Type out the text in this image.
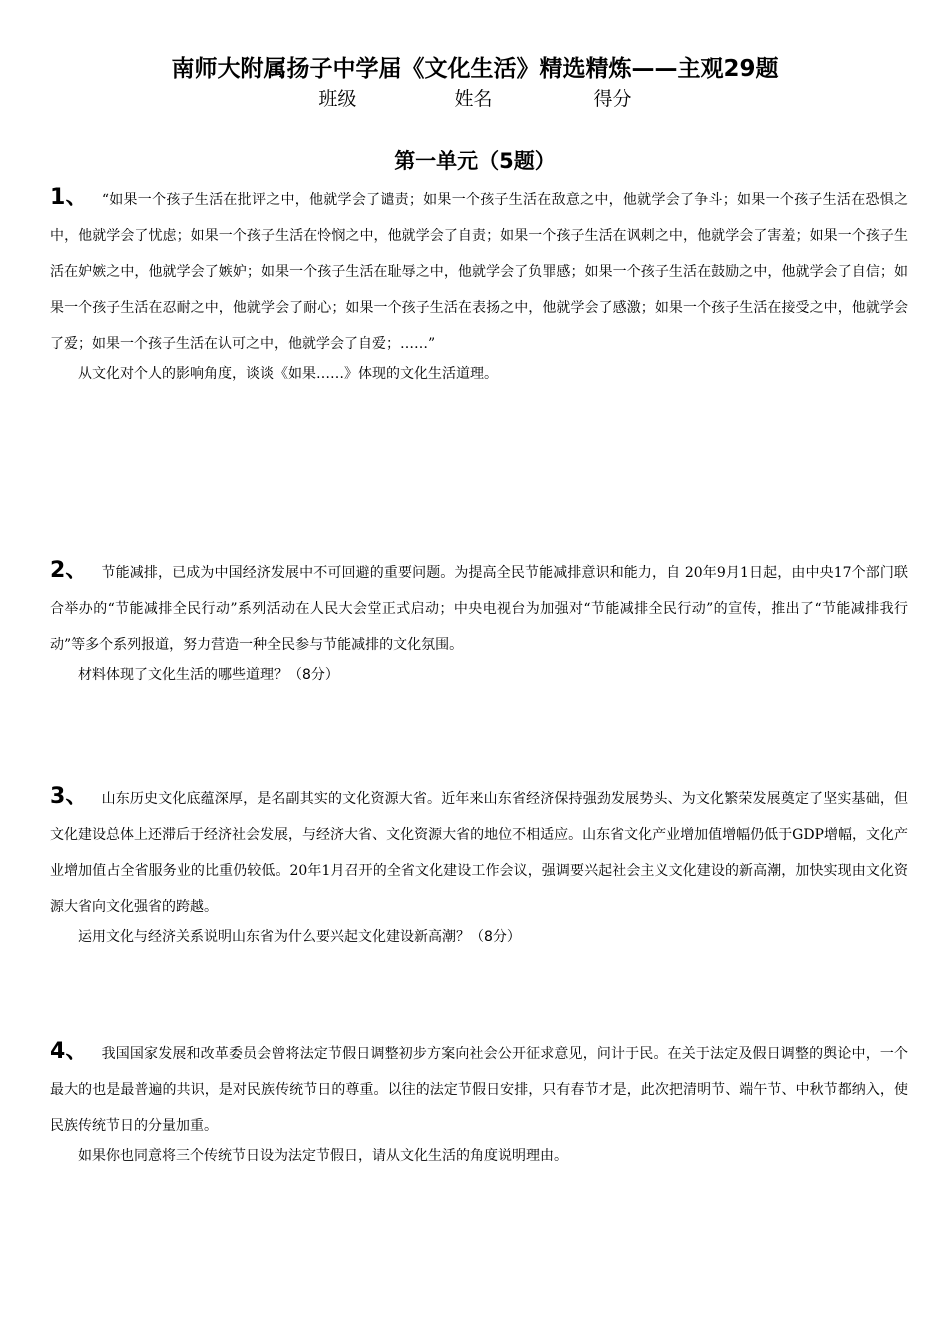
南师大附属扬子中学届《文化生活》精选精炼——主观29题
班级	姓名	得分
第一单元（5题）

1、 “如果一个孩子生活在批评之中，他就学会了谴责；如果一个孩子生活在敌意之中，他就学会了争斗；如果一个孩子生活在恐惧之中，他就学会了忧虑；如果一个孩子生活在怜悯之中，他就学会了自责；如果一个孩子生活在讽刺之中，他就学会了害羞；如果一个孩子生活在妒嫉之中，他就学会了嫉妒；如果一个孩子生活在耻辱之中，他就学会了负罪感；如果一个孩子生活在鼓励之中，他就学会了自信；如果一个孩子生活在忍耐之中，他就学会了耐心；如果一个孩子生活在表扬之中，他就学会了感激；如果一个孩子生活在接受之中，他就学会了爱；如果一个孩子生活在认可之中，他就学会了自爱；……”

从文化对个人的影响角度，谈谈《如果……》体现的文化生活道理。

2、 节能减排，已成为中国经济发展中不可回避的重要问题。为提高全民节能减排意识和能力，自 20年9月1日起，由中央17个部门联合举办的“节能减排全民行动”系列活动在人民大会堂正式启动；中央电视台为加强对“节能减排全民行动”的宣传，推出了“节能减排我行动”等多个系列报道，努力营造一种全民参与节能减排的文化氛围。

材料体现了文化生活的哪些道理？（8分）

3、 山东历史文化底蕴深厚，是名副其实的文化资源大省。近年来山东省经济保持强劲发展势头、为文化繁荣发展奠定了坚实基础，但文化建设总体上还滞后于经济社会发展，与经济大省、文化资源大省的地位不相适应。山东省文化产业增加值增幅仍低于GDP增幅，文化产业增加值占全省服务业的比重仍较低。20年1月召开的全省文化建设工作会议，强调要兴起社会主义文化建设的新高潮，加快实现由文化资源大省向文化强省的跨越。

运用文化与经济关系说明山东省为什么要兴起文化建设新高潮？（8分）

4、 我国国家发展和改革委员会曾将法定节假日调整初步方案向社会公开征求意见，问计于民。在关于法定及假日调整的舆论中，一个最大的也是最普遍的共识，是对民族传统节日的尊重。以往的法定节假日安排，只有春节才是，此次把清明节、端午节、中秋节都纳入，使民族传统节日的分量加重。

如果你也同意将三个传统节日设为法定节假日，请从文化生活的角度说明理由。
